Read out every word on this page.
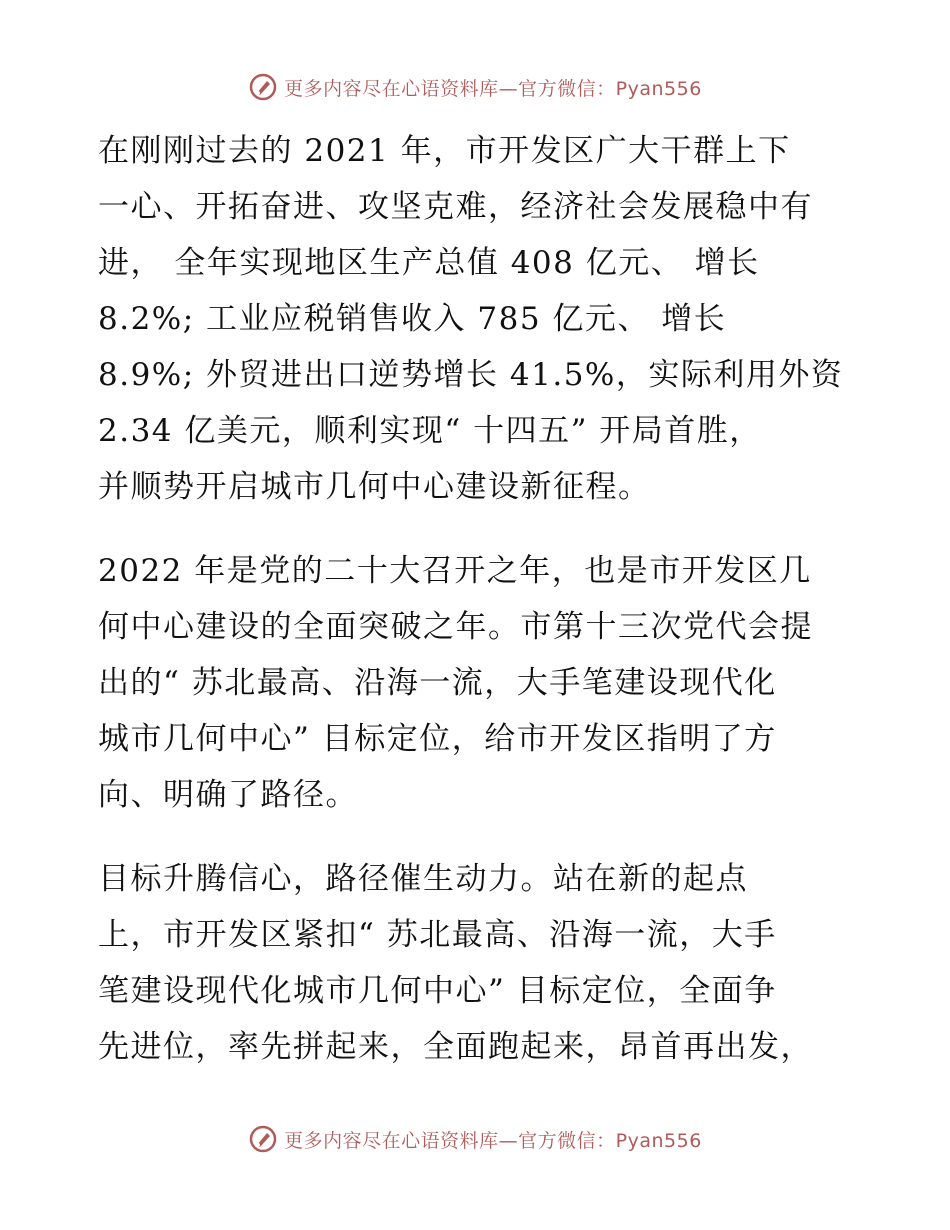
更多内容尽在心语资料库—官方微信：Pyan556
在刚刚过去的 2021 年，市开发区广大干群上下
一心、开拓奋进、攻坚克难，经济社会发展稳中有
进， 全年实现地区生产总值 408 亿元、 增长
8.2%; 工业应税销售收入 785 亿元、 增长
8.9%; 外贸进出口逆势增长 41.5%，实际利用外资
2.34 亿美元，顺利实现“ 十四五” 开局首胜，
并顺势开启城市几何中心建设新征程。
2022 年是党的二十大召开之年，也是市开发区几
何中心建设的全面突破之年。市第十三次党代会提
出的“ 苏北最高、沿海一流，大手笔建设现代化
城市几何中心” 目标定位，给市开发区指明了方
向、明确了路径。
目标升腾信心，路径催生动力。站在新的起点
上，市开发区紧扣“ 苏北最高、沿海一流，大手
笔建设现代化城市几何中心” 目标定位，全面争
先进位，率先拼起来，全面跑起来，昂首再出发，
更多内容尽在心语资料库—官方微信：Pyan556
